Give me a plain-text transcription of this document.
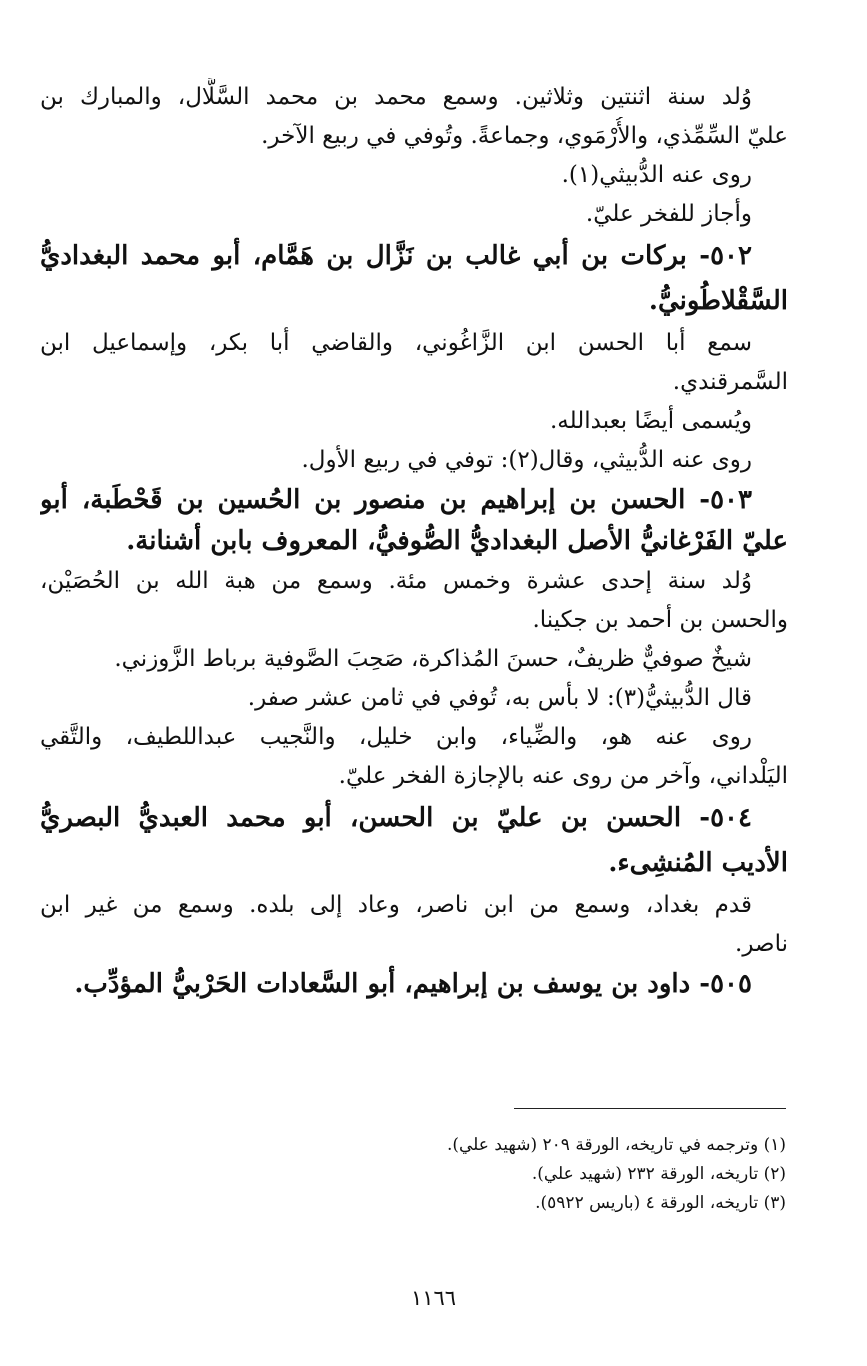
وُلد سنة اثنتين وثلاثين. وسمع محمد بن محمد السَّلَّال، والمبارك بن
عليّ السِّمِّذي، والأُرْمَوي، وجماعةً. وتُوفي في ربيع الآخر.
روى عنه الدُّبيثي(١).
وأجاز للفخر عليّ.
٥٠٢- بركات بن أبي غالب بن نَزَّال بن هَمَّام، أبو محمد البغداديُّ
السَّقْلاطُونيُّ.
سمع أبا الحسن ابن الزَّاغُوني، والقاضي أبا بكر، وإسماعيل ابن
السَّمرقندي.
ويُسمى أيضًا بعبدالله.
روى عنه الدُّبيثي، وقال(٢): توفي في ربيع الأول.
٥٠٣- الحسن بن إبراهيم بن منصور بن الحُسين بن قَحْطَبة، أبو
عليّ الفَرْغانيُّ الأصل البغداديُّ الصُّوفيُّ، المعروف بابن أشنانة.
وُلد سنة إحدى عشرة وخمس مئة. وسمع من هبة الله بن الحُصَيْن،
والحسن بن أحمد بن جكينا.
شيخٌ صوفيٌّ ظريفٌ، حسنَ المُذاكرة، صَحِبَ الصَّوفية برباط الزَّوزني.
قال الدُّبيثيُّ(٣): لا بأس به، تُوفي في ثامن عشر صفر.
روى عنه هو، والضِّياء، وابن خليل، والنَّجيب عبداللطيف، والتَّقي
اليَلْداني، وآخر من روى عنه بالإجازة الفخر عليّ.
٥٠٤- الحسن بن عليّ بن الحسن، أبو محمد العبديُّ البصريُّ
الأديب المُنشِىء.
قدم بغداد، وسمع من ابن ناصر، وعاد إلى بلده. وسمع من غير ابن
ناصر.
٥٠٥- داود بن يوسف بن إبراهيم، أبو السَّعادات الحَرْبيُّ المؤدِّب.
(١) وترجمه في تاريخه، الورقة ٢٠٩ (شهيد علي).
(٢) تاريخه، الورقة ٢٣٢ (شهيد علي).
(٣) تاريخه، الورقة ٤ (باريس ٥٩٢٢).
١١٦٦
